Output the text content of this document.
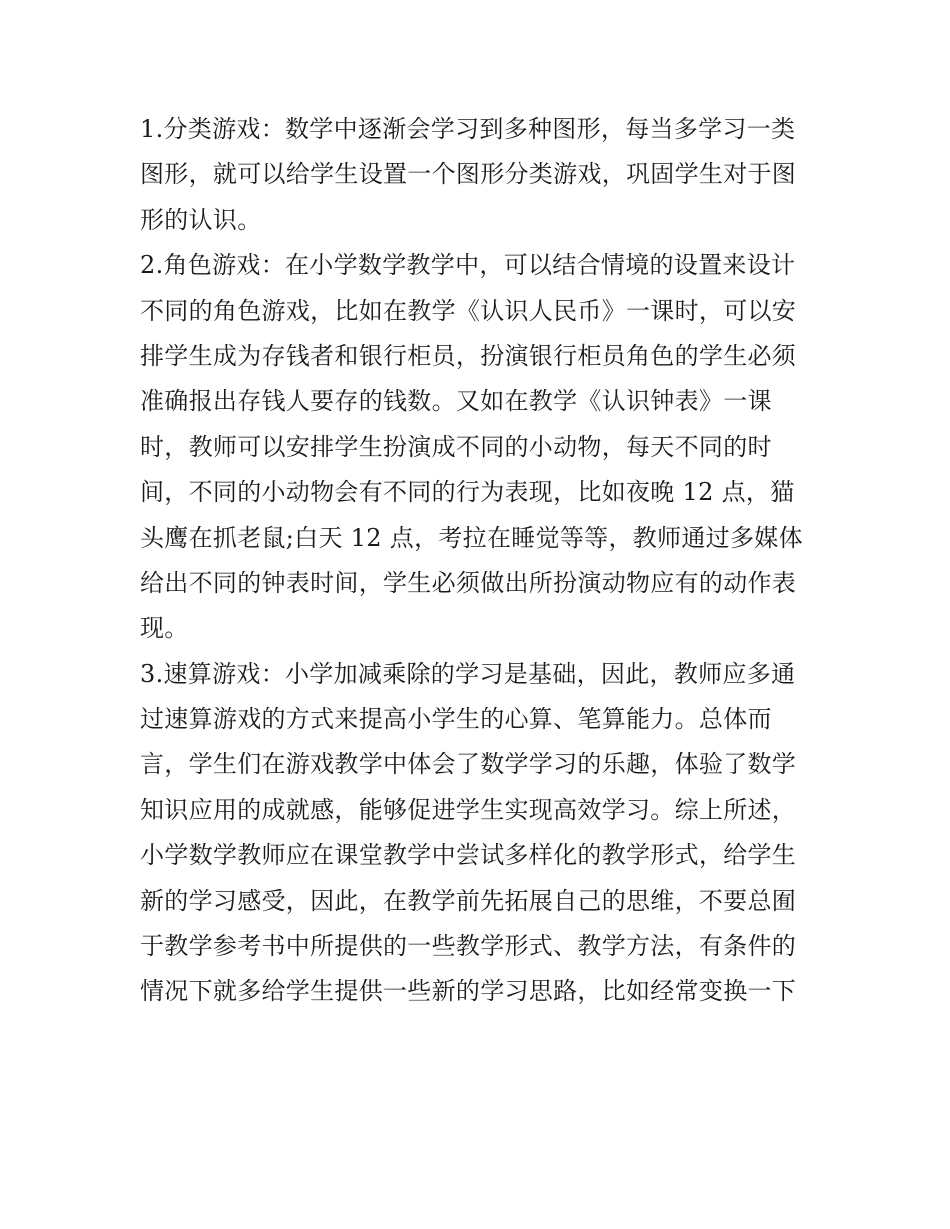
1.分类游戏：数学中逐渐会学习到多种图形，每当多学习一类
图形，就可以给学生设置一个图形分类游戏，巩固学生对于图
形的认识。
2.角色游戏：在小学数学教学中，可以结合情境的设置来设计
不同的角色游戏，比如在教学《认识人民币》一课时，可以安
排学生成为存钱者和银行柜员，扮演银行柜员角色的学生必须
准确报出存钱人要存的钱数。又如在教学《认识钟表》一课
时，教师可以安排学生扮演成不同的小动物，每天不同的时
间，不同的小动物会有不同的行为表现，比如夜晚 12 点，猫
头鹰在抓老鼠;白天 12 点，考拉在睡觉等等，教师通过多媒体
给出不同的钟表时间，学生必须做出所扮演动物应有的动作表
现。
3.速算游戏：小学加减乘除的学习是基础，因此，教师应多通
过速算游戏的方式来提高小学生的心算、笔算能力。总体而
言，学生们在游戏教学中体会了数学学习的乐趣，体验了数学
知识应用的成就感，能够促进学生实现高效学习。综上所述，
小学数学教师应在课堂教学中尝试多样化的教学形式，给学生
新的学习感受，因此，在教学前先拓展自己的思维，不要总囿
于教学参考书中所提供的一些教学形式、教学方法，有条件的
情况下就多给学生提供一些新的学习思路，比如经常变换一下
